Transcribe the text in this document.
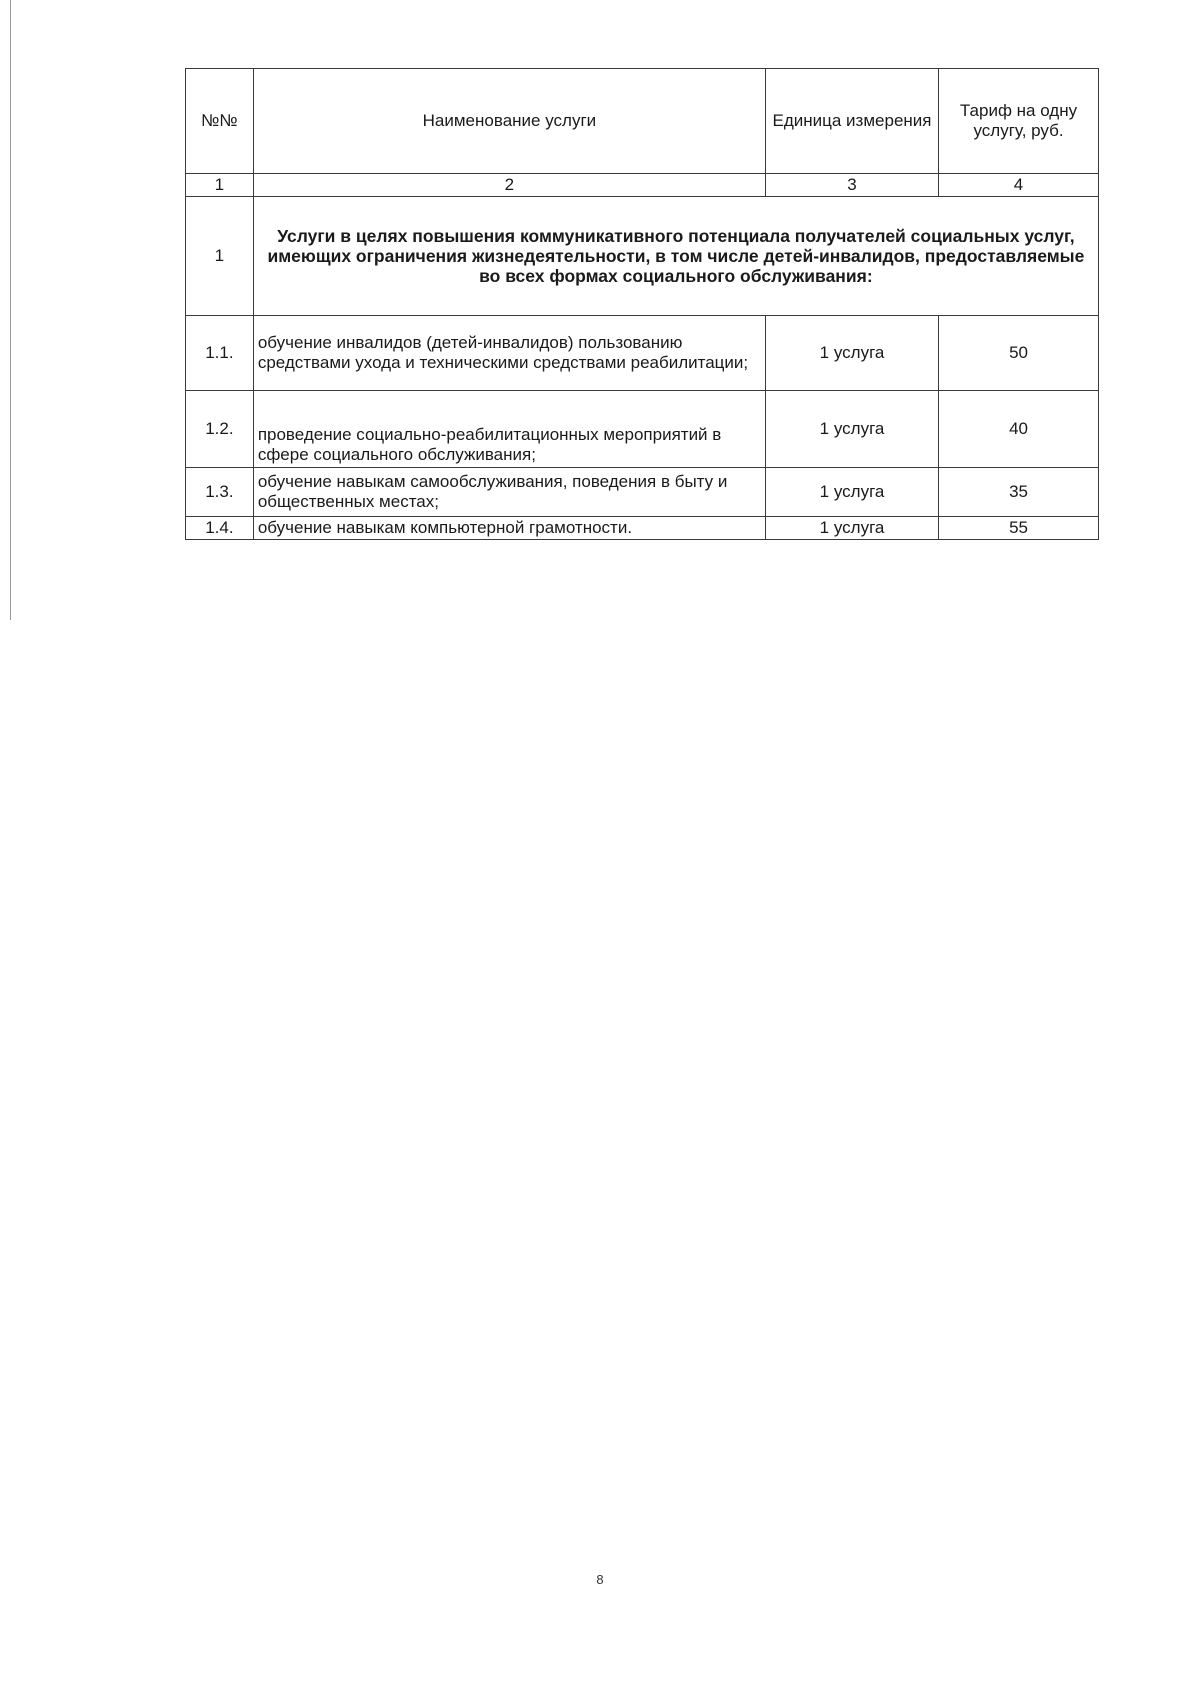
№№	Наименование услуги	Единица измерения	Тариф на одну услугу, руб.
1	2	3	4
1	Услуги в целях повышения коммуникативного потенциала получателей социальных услуг, имеющих ограничения жизнедеятельности, в том числе детей-инвалидов, предоставляемые во всех формах социального обслуживания:		
1.1.	обучение инвалидов (детей-инвалидов) пользованию средствами ухода и техническими средствами реабилитации;	1 услуга	50
1.2.	проведение социально-реабилитационных мероприятий в сфере социального обслуживания;	1 услуга	40
1.3.	обучение навыкам самообслуживания, поведения в быту и общественных местах;	1 услуга	35
1.4.	обучение навыкам компьютерной грамотности.	1 услуга	55
8
